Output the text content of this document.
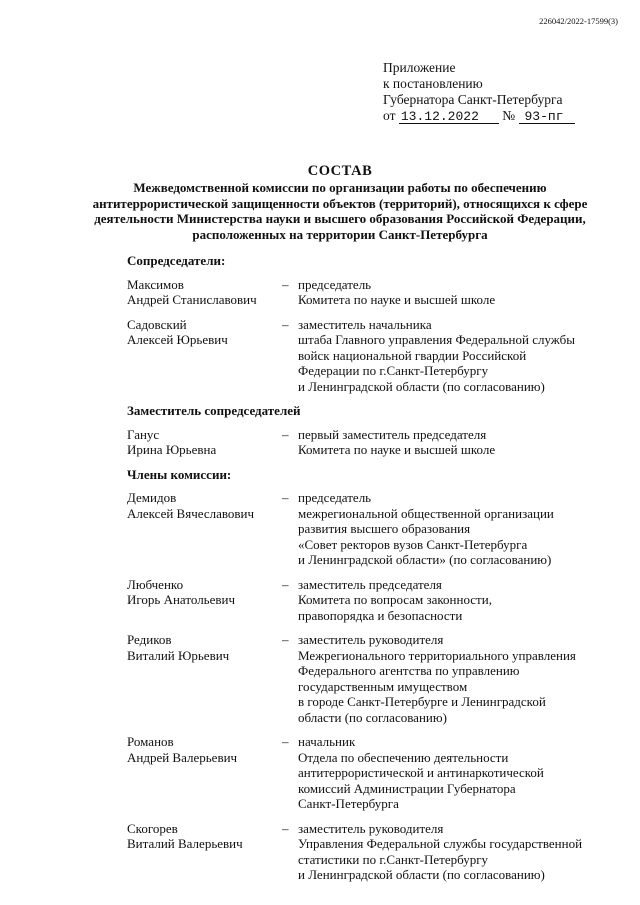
226042/2022-17599(3)
Приложение
к постановлению
Губернатора Санкт-Петербурга
от 13.12.2022 № 93-пг
СОСТАВ
Межведомственной комиссии по организации работы по обеспечению
антитеррористической защищенности объектов (территорий), относящихся к сфере
деятельности Министерства науки и высшего образования Российской Федерации,
расположенных на территории Санкт-Петербурга
Сопредседатели:
Максимов
Андрей Станиславович
– председатель
Комитета по науке и высшей школе
Садовский
Алексей Юрьевич
– заместитель начальника
штаба Главного управления Федеральной службы
войск национальной гвардии Российской
Федерации по г.Санкт-Петербургу
и Ленинградской области (по согласованию)
Заместитель сопредседателей
Ганус
Ирина Юрьевна
– первый заместитель председателя
Комитета по науке и высшей школе
Члены комиссии:
Демидов
Алексей Вячеславович
– председатель
межрегиональной общественной организации
развития высшего образования
«Совет ректоров вузов Санкт-Петербурга
и Ленинградской области» (по согласованию)
Любченко
Игорь Анатольевич
– заместитель председателя
Комитета по вопросам законности,
правопорядка и безопасности
Редиков
Виталий Юрьевич
– заместитель руководителя
Межрегионального территориального управления
Федерального агентства по управлению
государственным имуществом
в городе Санкт-Петербурге и Ленинградской
области (по согласованию)
Романов
Андрей Валерьевич
– начальник
Отдела по обеспечению деятельности
антитеррористической и антинаркотической
комиссий Администрации Губернатора
Санкт-Петербурга
Скогорев
Виталий Валерьевич
– заместитель руководителя
Управления Федеральной службы государственной
статистики по г.Санкт-Петербургу
и Ленинградской области (по согласованию)
